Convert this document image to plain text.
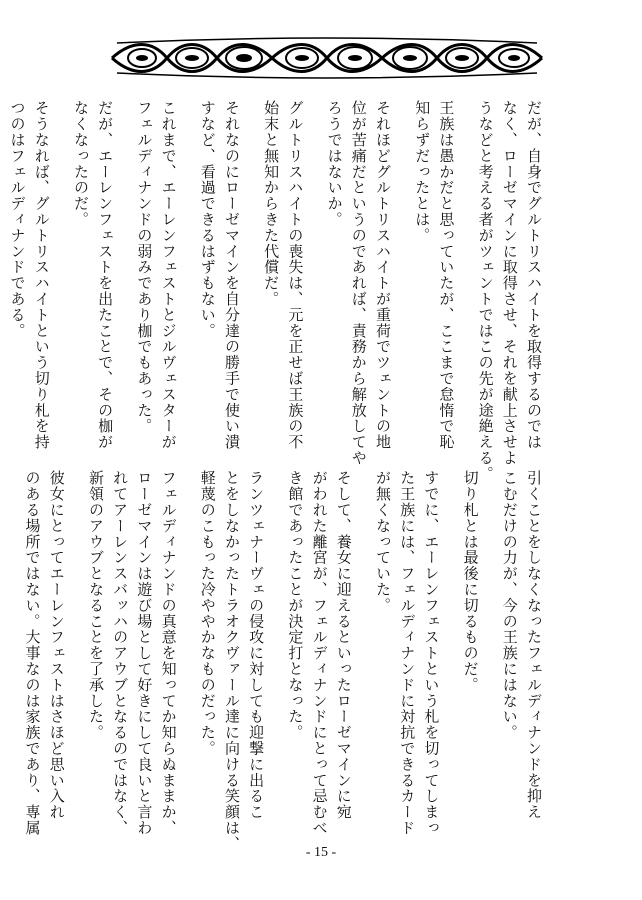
だが、自身でグルトリスハイトを取得するのでは
なく、ローゼマインに取得させ、それを献上させよ
うなどと考える者がツェントではこの先が途絶える。
王族は愚かだと思っていたが、ここまで怠惰で恥
知らずだったとは。
それほどグルトリスハイトが重荷でツェントの地
位が苦痛だというのであれば、責務から解放してや
ろうではないか。
グルトリスハイトの喪失は、元を正せば王族の不
始末と無知からきた代償だ。
それなのにローゼマインを自分達の勝手で使い潰
すなど、看過できるはずもない。
これまで、エーレンフェストとジルヴェスターが
フェルディナンドの弱みであり枷でもあった。
だが、エーレンフェストを出たことで、その枷が
なくなったのだ。
そうなれば、グルトリスハイトという切り札を持
つのはフェルディナンドである。
引くことをしなくなったフェルディナンドを抑え
こむだけの力が、今の王族にはない。
切り札とは最後に切るものだ。
すでに、エーレンフェストという札を切ってしまっ
た王族には、フェルディナンドに対抗できるカード
が無くなっていた。
そして、養女に迎えるといったローゼマインに宛
がわれた離宮が、フェルディナンドにとって忌むべ
き館であったことが決定打となった。
ランツェナーヴェの侵攻に対しても迎撃に出るこ
とをしなかったトラオクヴァール達に向ける笑顔は、
軽蔑のこもった冷ややかなものだった。
フェルディナンドの真意を知ってか知らぬままか、
ローゼマインは遊び場として好きにして良いと言わ
れてアーレンスバッハのアウブとなるのではなく、
新領のアウブとなることを了承した。
彼女にとってエーレンフェストはさほど思い入れ
のある場所ではない。大事なのは家族であり、専属
- 15 -
